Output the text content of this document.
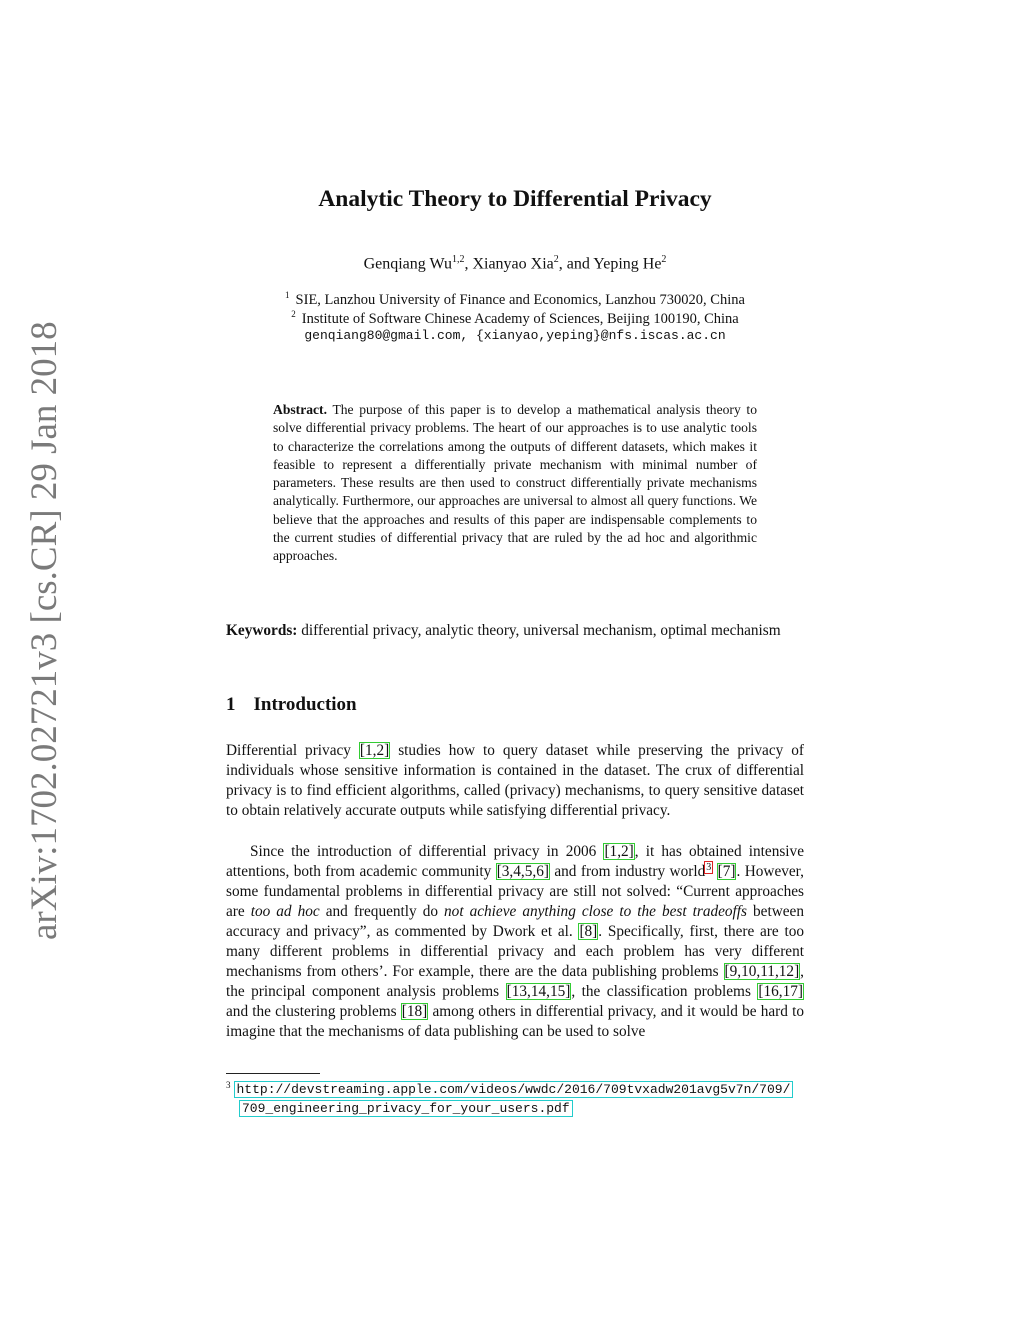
arXiv:1702.02721v3 [cs.CR] 29 Jan 2018
Analytic Theory to Differential Privacy
Genqiang Wu$^{1,2}$, Xianyao Xia$^2$, and Yeping He$^2$
$^1$ SIE, Lanzhou University of Finance and Economics, Lanzhou 730020, China
$^2$ Institute of Software Chinese Academy of Sciences, Beijing 100190, China
genqiang80@gmail.com, {xianyao,yeping}@nfs.iscas.ac.cn
Abstract. The purpose of this paper is to develop a mathematical analysis theory to solve differential privacy problems. The heart of our approaches is to use analytic tools to characterize the correlations among the outputs of different datasets, which makes it feasible to represent a differentially private mechanism with minimal number of parameters. These results are then used to construct differentially private mechanisms analytically. Furthermore, our approaches are universal to almost all query functions. We believe that the approaches and results of this paper are indispensable complements to the current studies of differential privacy that are ruled by the ad hoc and algorithmic approaches.
Keywords: differential privacy, analytic theory, universal mechanism, optimal mechanism
1 Introduction

Differential privacy [1,2] studies how to query dataset while preserving the privacy of individuals whose sensitive information is contained in the dataset. The crux of differential privacy is to find efficient algorithms, called (privacy) mechanisms, to query sensitive dataset to obtain relatively accurate outputs while satisfying differential privacy.

Since the introduction of differential privacy in 2006 [1,2], it has obtained intensive attentions, both from academic community [3,4,5,6] and from industry world$^3$ [7]. However, some fundamental problems in differential privacy are still not solved: “Current approaches are too ad hoc and frequently do not achieve anything close to the best tradeoffs between accuracy and privacy”, as commented by Dwork et al. [8]. Specifically, first, there are too many different problems in differential privacy and each problem has very different mechanisms from others’. For example, there are the data publishing problems [9,10,11,12], the principal component analysis problems [13,14,15], the classification problems [16,17] and the clustering problems [18] among others in differential privacy, and it would be hard to imagine that the mechanisms of data publishing can be used to solve

$^3$ http://devstreaming.apple.com/videos/wwdc/2016/709tvxadw201avg5v7n/709/
709_engineering_privacy_for_your_users.pdf
